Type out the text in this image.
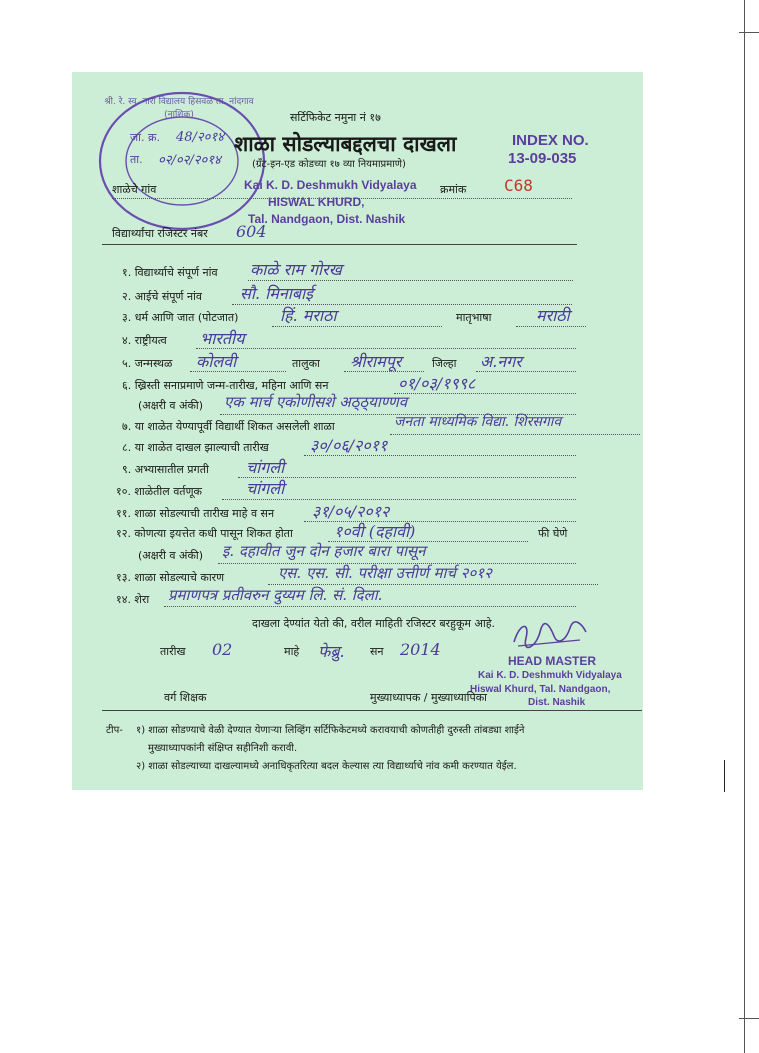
जा. क्र. 48/२०१४
ता. ०२/०२/२०१४
श्री. रे. स्व. नारा विद्यालय हिसवळ ता. नांदगाव (नाशिक)	सर्टिफिकेट नमुना नं १७
शाळा सोडल्याबद्दलचा दाखला
(ग्रँट-इन-एड कोडच्या १७ व्या नियमाप्रमाणे)
INDEX NO.
13-09-035
शाळेचे गांव	Kai K. D. Deshmukh Vidyalaya
HISWAL KHURD,
Tal. Nandgaon, Dist. Nashik
क्रमांक C68
विद्यार्थ्यांचा रजिस्टर नंबर 604
१. विद्यार्थ्याचे संपूर्ण नांव काळे राम गोरख
२. आईचे संपूर्ण नांव सौ. मिनाबाई
३. धर्म आणि जात (पोटजात)	हिं. मराठा	मातृभाषा	मराठी
४. राष्ट्रीयत्व भारतीय
५. जन्मस्थळ कोलवी	तालुका श्रीरामपूर	जिल्हा अ.नगर
६. ख्रिस्ती सनाप्रमाणे जन्म-तारीख, महिना आणि सन	०१/०३/१९९८
(अक्षरी व अंकी) एक मार्च एकोणीसशे अठ्ठ्याण्णव
७. या शाळेत येण्यापूर्वी विद्यार्थी शिकत असलेली शाळा	जनता माध्यमिक विद्या. शिरसगाव
८. या शाळेत दाखल झाल्याची तारीख	३०/०६/२०११
९. अभ्यासातील प्रगती चांगली
१०. शाळेतील वर्तणूक	चांगली
११. शाळा सोडल्याची तारीख माहे व सन ३१/०५/२०१२
१२. कोणत्या इयत्तेत कधी पासून शिकत होता	१०वी (दहावी)	फी घेणे
(अक्षरी व अंकी) इ. दहावीत जुन दोन हजार बारा पासून
१३. शाळा सोडल्याचे कारण	एस. एस. सी. परीक्षा उत्तीर्ण मार्च २०१२
१४. शेरा प्रमाणपत्र प्रतीवरुन दुय्यम लि. सं. दिला.
दाखला देण्यांत येतो की, वरील माहिती रजिस्टर बरहुकूम आहे.
तारीख 02	माहे फेब्रु. सन 2014
HEAD MASTER
Kai K. D. Deshmukh Vidyalaya
Hiswal Khurd, Tal. Nandgaon,
Dist. Nashik
वर्ग शिक्षक	मुख्याध्यापक / मुख्याध्यापिका
टीप- १) शाळा सोडण्याचे वेळी देण्यात येणाऱ्या लिव्हिंग सर्टिफिकेटमध्ये करावयाची कोणतीही दुरुस्ती तांबड्या शाईने
मुख्याध्यापकांनी संक्षिप्त सहीनिशी करावी.
२) शाळा सोडल्याच्या दाखल्यामध्ये अनाधिकृतरित्या बदल केल्यास त्या विद्यार्थ्याचे नांव कमी करण्यात येईल.
